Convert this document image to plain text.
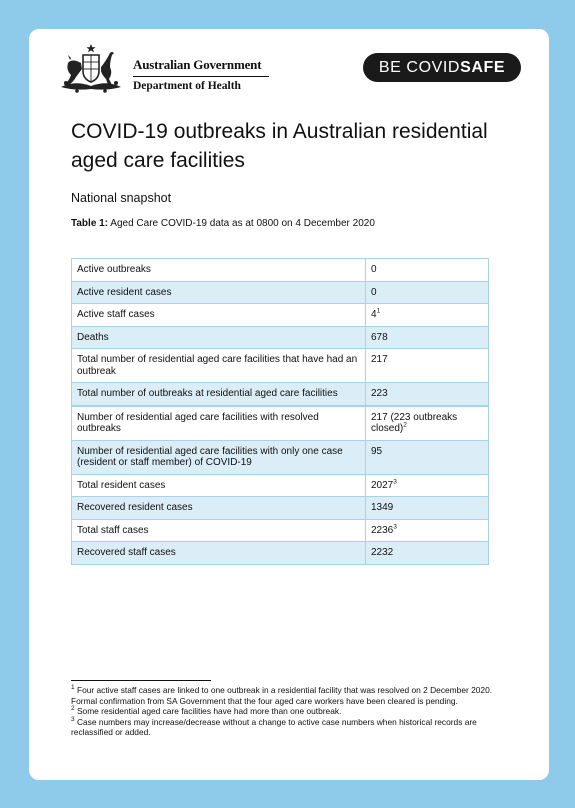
Australian Government
Department of Health
BE COVIDSAFE
COVID-19 outbreaks in Australian residential aged care facilities
National snapshot
Table 1: Aged Care COVID-19 data as at 0800 on 4 December 2020
Active outbreaks	0
Active resident cases	0
Active staff cases	$4^1$
Deaths	678
Total number of residential aged care facilities that have had an outbreak	217
Total number of outbreaks at residential aged care facilities	223
Number of residential aged care facilities with resolved outbreaks	217 (223 outbreaks closed)$^2$
Number of residential aged care facilities with only one case (resident or staff member) of COVID-19	95
Total resident cases	2027$^3$
Recovered resident cases	1349
Total staff cases	2236$^3$
Recovered staff cases	2232

$^1$ Four active staff cases are linked to one outbreak in a residential facility that was resolved on 2 December 2020. Formal confirmation from SA Government that the four aged care workers have been cleared is pending.

$^2$ Some residential aged care facilities have had more than one outbreak.

$^3$ Case numbers may increase/decrease without a change to active case numbers when historical records are reclassified or added.
